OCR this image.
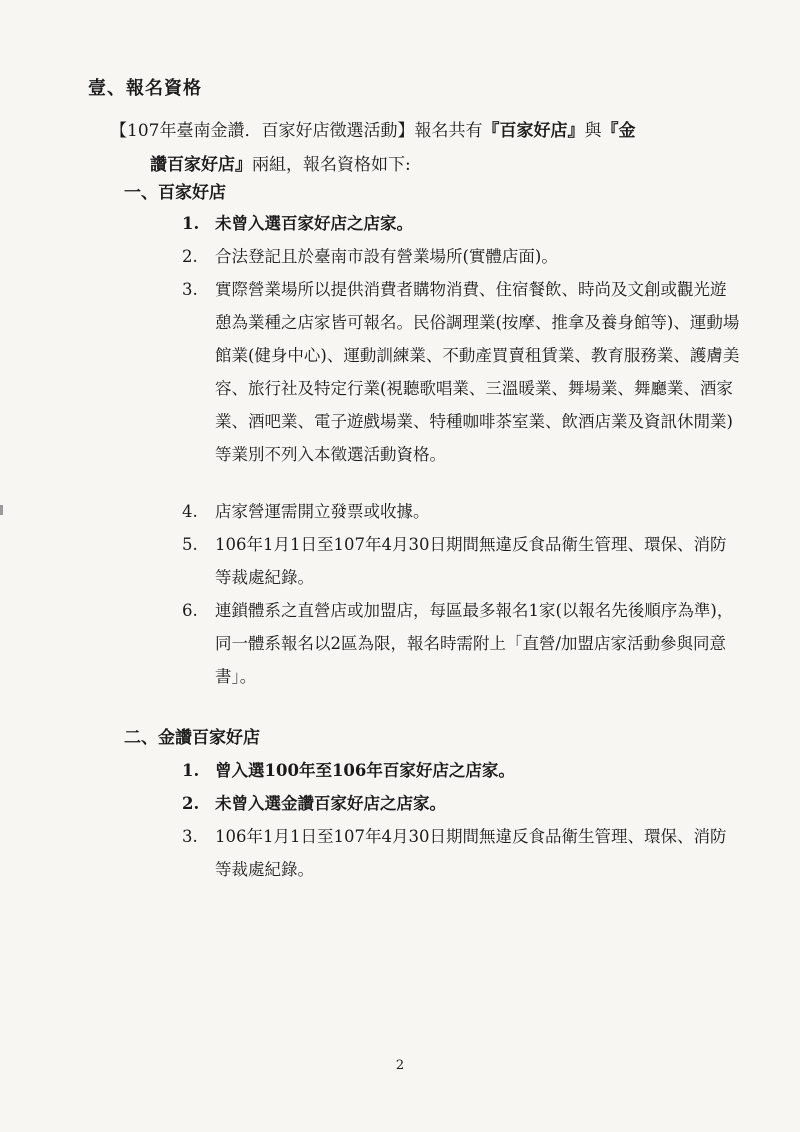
壹、報名資格
【107年臺南金讚．百家好店徵選活動】報名共有『百家好店』與『金
讚百家好店』兩組，報名資格如下:
一、百家好店
1. 未曾入選百家好店之店家。
2.	合法登記且於臺南市設有營業場所(實體店面)。
3.	實際營業場所以提供消費者購物消費、住宿餐飲、時尚及文創或觀光遊憩為業種之店家皆可報名。民俗調理業(按摩、推拿及養身館等)、運動場館業(健身中心)、運動訓練業、不動產買賣租賃業、教育服務業、護膚美容、旅行社及特定行業(視聽歌唱業、三溫暖業、舞場業、舞廳業、酒家業、酒吧業、電子遊戲場業、特種咖啡茶室業、飲酒店業及資訊休閒業)等業別不列入本徵選活動資格。
4.	店家營運需開立發票或收據。
5.	106年1月1日至107年4月30日期間無違反食品衛生管理、環保、消防等裁處紀錄。
6.	連鎖體系之直營店或加盟店，每區最多報名1家(以報名先後順序為準)，同一體系報名以2區為限，報名時需附上「直營/加盟店家活動參與同意書」。
二、金讚百家好店
1. 曾入選100年至106年百家好店之店家。
2. 未曾入選金讚百家好店之店家。
3.	106年1月1日至107年4月30日期間無違反食品衛生管理、環保、消防等裁處紀錄。
2
